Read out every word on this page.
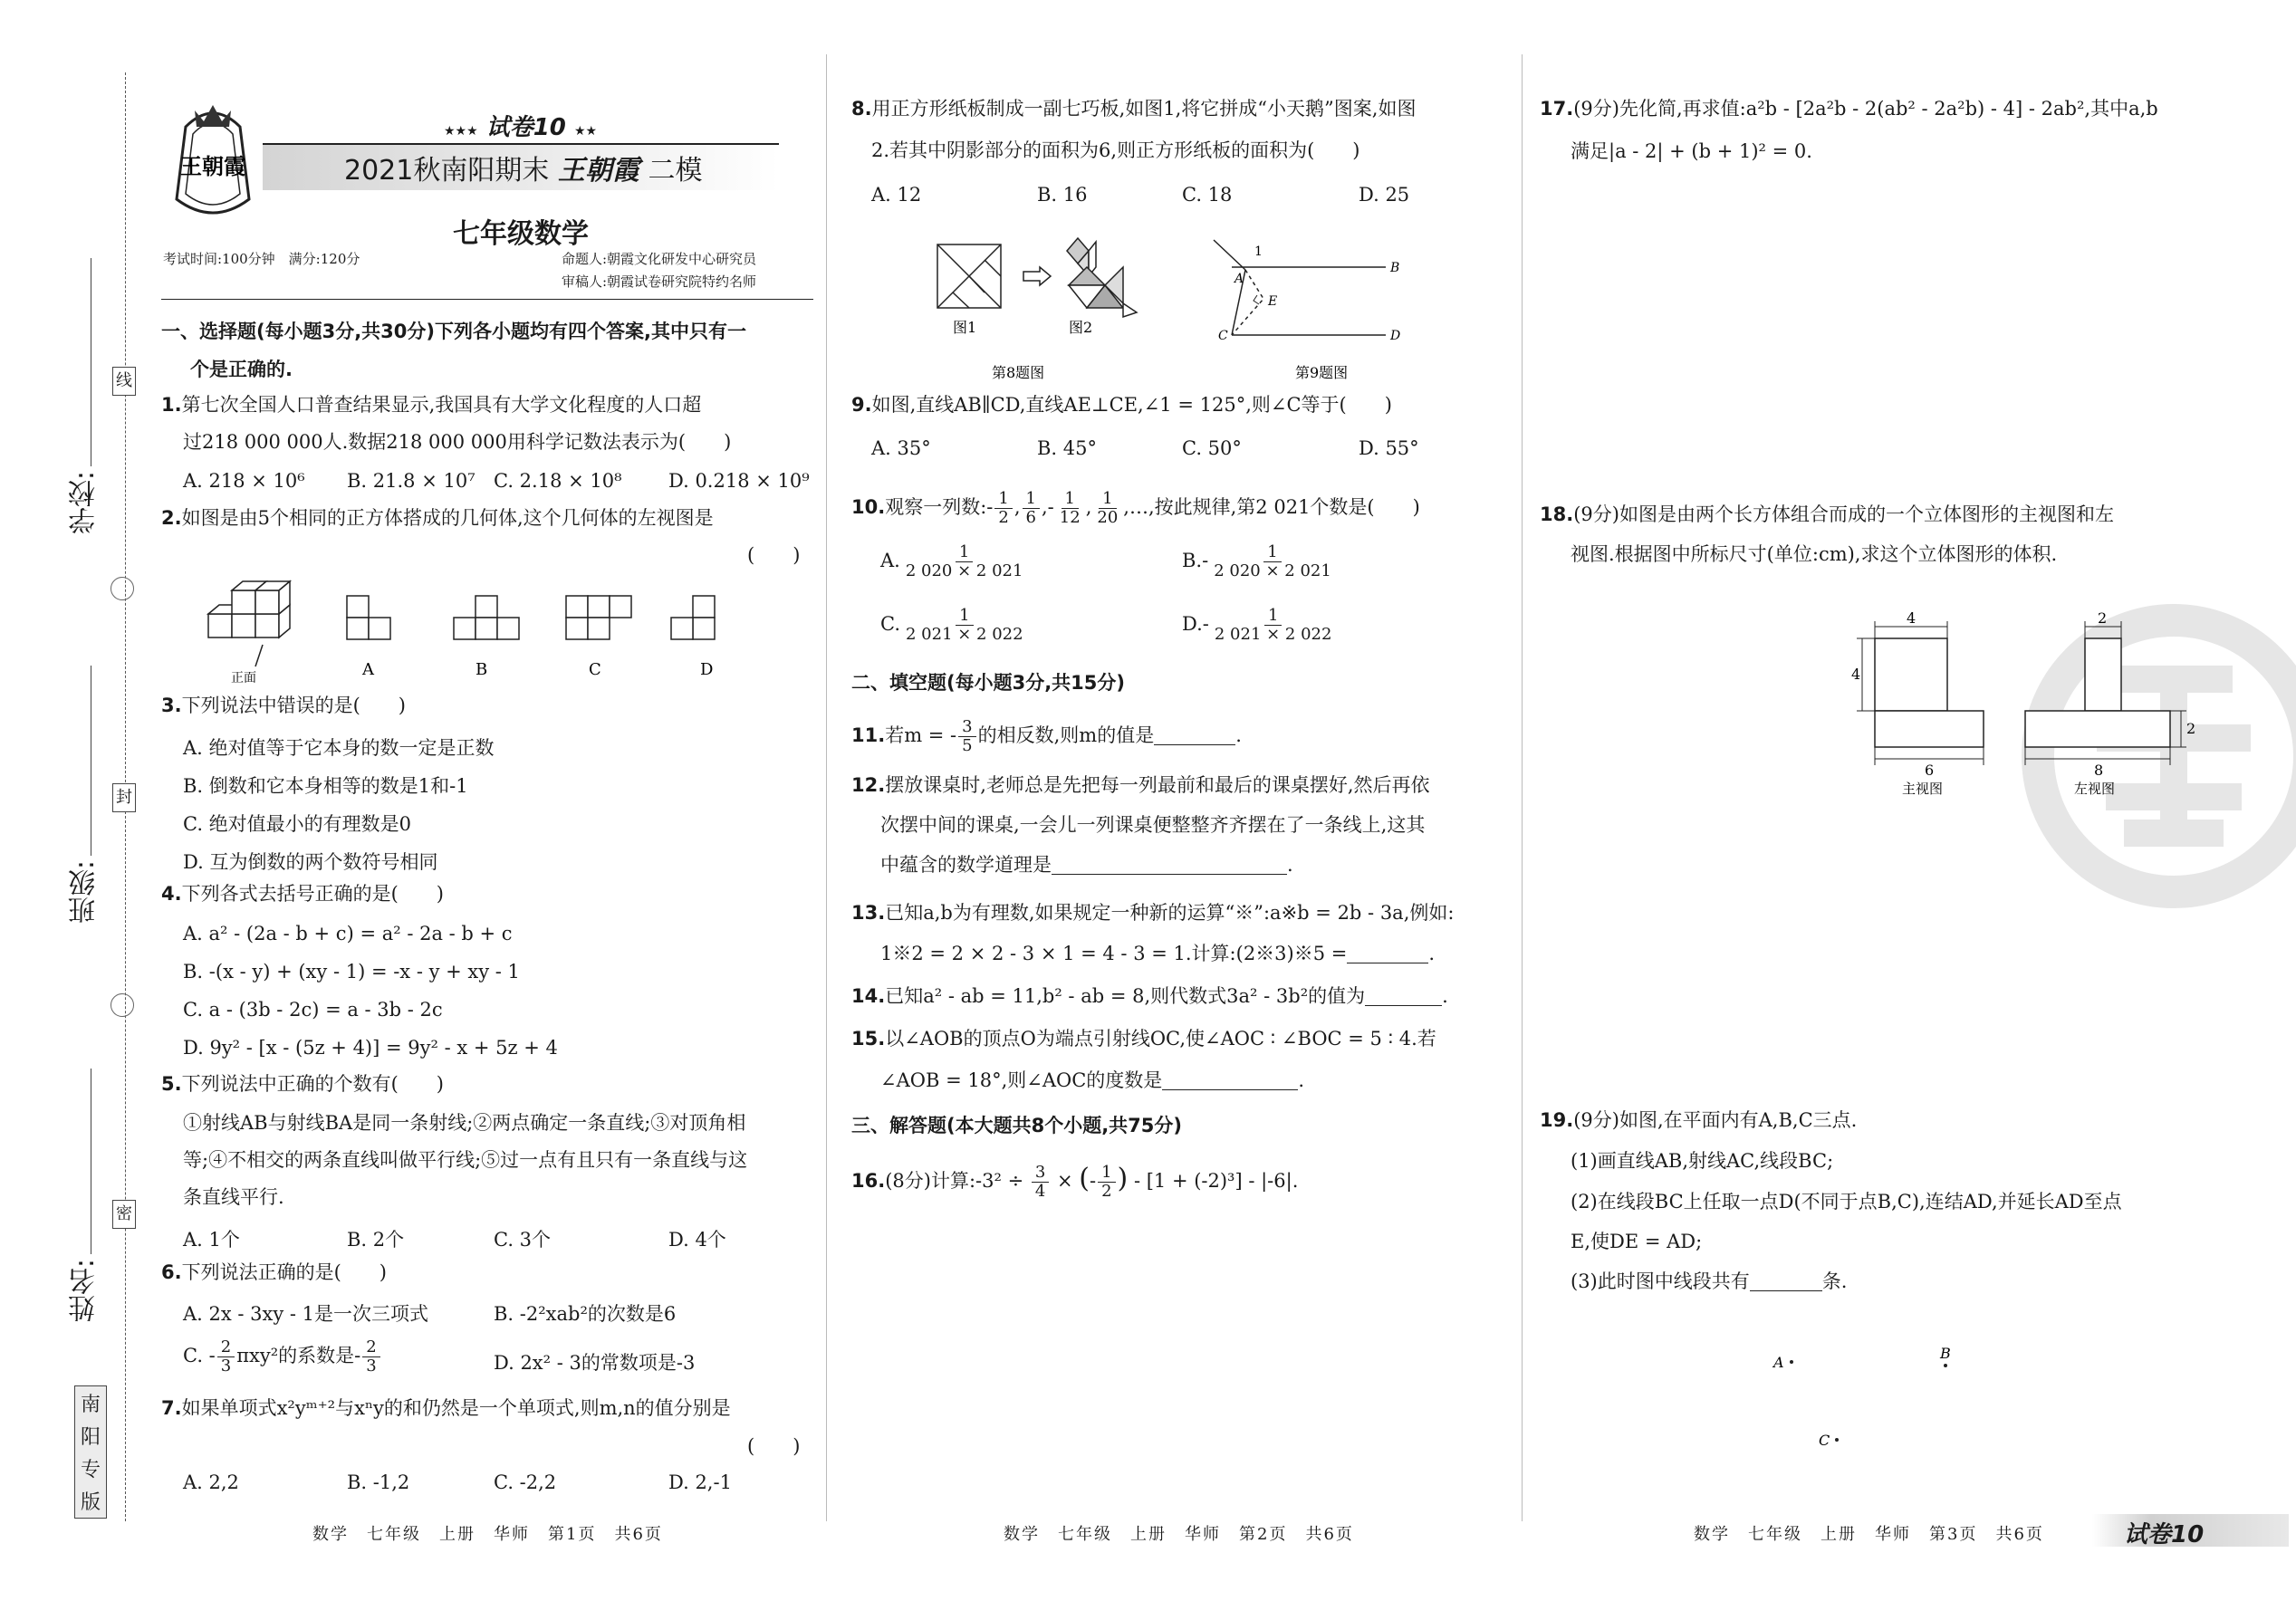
学校:
班级:
姓名:
线
封
密
南
阳
专
版
王朝霞
★★★ 试卷10 ★★
2021秋南阳期末 王朝霞 二模
七年级数学
考试时间:100分钟　满分:120分	命题人:朝霞文化研发中心研究员
审稿人:朝霞试卷研究院特约名师
一、选择题(每小题3分,共30分)下列各小题均有四个答案,其中只有一
个是正确的.
1.第七次全国人口普查结果显示,我国具有大学文化程度的人口超
过218 000 000人.数据218 000 000用科学记数法表示为(　　)
A. 218 × 10⁶ B. 21.8 × 10⁷ C. 2.18 × 10⁸ D. 0.218 × 10⁹
2.如图是由5个相同的正方体搭成的几何体,这个几何体的左视图是
(　　)
正面	A	B	C	D
3.下列说法中错误的是(　　)
A. 绝对值等于它本身的数一定是正数
B. 倒数和它本身相等的数是1和-1
C. 绝对值最小的有理数是0
D. 互为倒数的两个数符号相同
4.下列各式去括号正确的是(　　)
A. a² - (2a - b + c) = a² - 2a - b + c
B. -(x - y) + (xy - 1) = -x - y + xy - 1
C. a - (3b - 2c) = a - 3b - 2c
D. 9y² - [x - (5z + 4)] = 9y² - x + 5z + 4
5.下列说法中正确的个数有(　　)
①射线AB与射线BA是同一条射线;②两点确定一条直线;③对顶角相
等;④不相交的两条直线叫做平行线;⑤过一点有且只有一条直线与这
条直线平行.
A. 1个	B. 2个	C. 3个	D. 4个
6.下列说法正确的是(　　)
A. 2x - 3xy - 1是一次三项式	B. -2²xab²的次数是6
C. - $\frac{2}{3} \pi xy^2$的系数是- $\frac{2}{3}$	D. 2x² - 3的常数项是-3
7.如果单项式x²yᵐ⁺²与xⁿy的和仍然是一个单项式,则m,n的值分别是
(　　)
A. 2,2	B. -1,2	C. -2,2	D. 2,-1
数学　七年级　上册　华师　第1页　共6页
8.用正方形纸板制成一副七巧板,如图1,将它拼成“小天鹅”图案,如图
2.若其中阴影部分的面积为6,则正方形纸板的面积为(　　)
A. 12	B. 16	C. 18	D. 25
图1	图2
第8题图
1
A
B
E
C	D
第9题图
9.如图,直线AB∥CD,直线AE⊥CE,∠1 = 125°,则∠C等于(　　)
A. 35°	B. 45°	C. 50°	D. 55°
10.观察一列数:- $\frac{1}{2}$ , $\frac{1}{6}$ ,- $\frac{1}{12}$ , $\frac{1}{20}$ ,…,按此规律,第2 021个数是(　　)
A. $\frac{1}{2 020 \times 2 021}$	$B.- \frac{1}{2 020 \times 2 021}$
C. $\frac{1}{2 021 \times 2 022}$	$D.- \frac{1}{2 021 \times 2 022}$
二、填空题(每小题3分,共15分)
11.若m = - $\frac{3}{5}$ 的相反数,则m的值是	.
12.摆放课桌时,老师总是先把每一列最前和最后的课桌摆好,然后再依
次摆中间的课桌,一会儿一列课桌便整整齐齐摆在了一条线上,这其
中蕴含的数学道理是	.
13.已知a,b为有理数,如果规定一种新的运算“※”:a※b = 2b - 3a,例如:
1※2 = 2 × 2 - 3 × 1 = 4 - 3 = 1.计算:(2※3)※5 =	.
14.已知a² - ab = 11,b² - ab = 8,则代数式3a² - 3b²的值为	.
15.以∠AOB的顶点O为端点引射线OC,使∠AOC ∶ ∠BOC = 5 ∶ 4.若
∠AOB = 18°,则∠AOC的度数是	.
三、解答题(本大题共8个小题,共75分)
16.(8分)计算:-3² ÷ $\frac{3}{4}$ × (- $\frac{1}{2}$ ) - [1 + (-2)³] - |-6|.
数学　七年级　上册　华师　第2页　共6页
17.(9分)先化简,再求值:a²b - [2a²b - 2(ab² - 2a²b) - 4] - 2ab²,其中a,b
满足|a - 2| + (b + 1)² = 0.
18.(9分)如图是由两个长方体组合而成的一个立体图形的主视图和左
视图.根据图中所标尺寸(单位:cm),求这个立体图形的体积.
4
4
6
2
2
8
主视图	左视图
19.(9分)如图,在平面内有A,B,C三点.
(1)画直线AB,射线AC,线段BC;
(2)在线段BC上任取一点D(不同于点B,C),连结AD,并延长AD至点
E,使DE = AD;
(3)此时图中线段共有	条.
A
B
C
数学　七年级　上册　华师　第3页　共6页	试卷10
